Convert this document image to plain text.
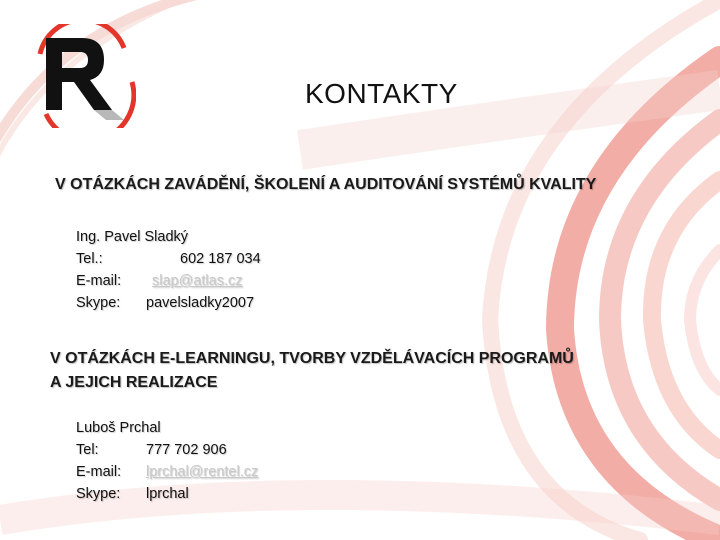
KONTAKTY
V OTÁZKÁCH ZAVÁDĚNÍ, ŠKOLENÍ A AUDITOVÁNÍ SYSTÉMŮ KVALITY
Ing. Pavel Sladký
Tel.:	602 187 034
E-mail: slap@atlas.cz
Skype: pavelsladky2007
V OTÁZKÁCH E-LEARNINGU, TVORBY VZDĚLÁVACÍCH PROGRAMŮ
A JEJICH REALIZACE
Luboš Prchal
Tel:	777 702 906
E-mail: lprchal@rentel.cz
Skype: lprchal
